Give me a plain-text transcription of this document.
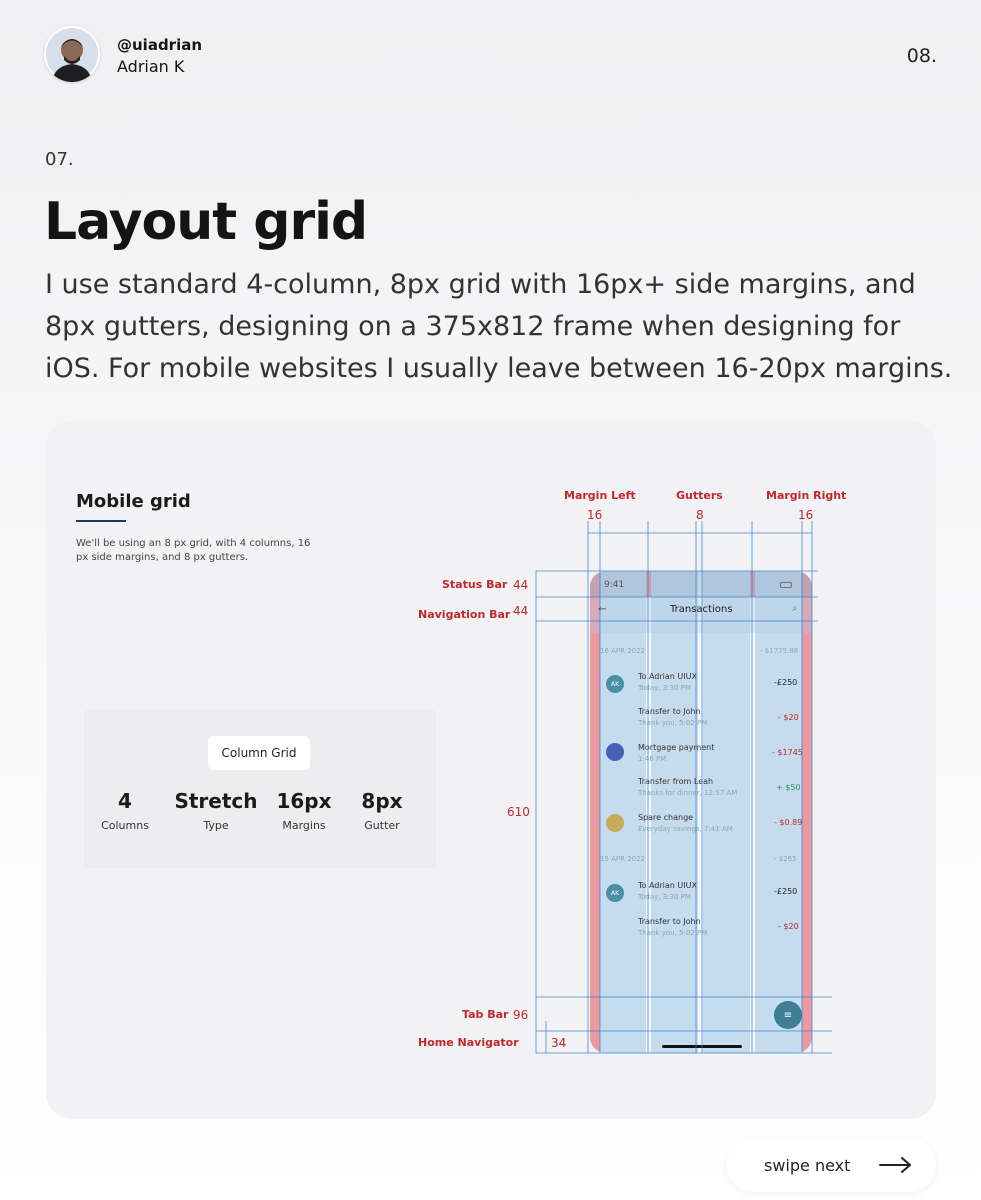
@uiadrian
Adrian K	08.
07.
Layout grid
I use standard 4-column, 8px grid with 16px+ side margins, and 8px gutters, designing on a 375x812 frame when designing for iOS. For mobile websites I usually leave between 16-20px margins.
Mobile grid
We'll be using an 8 px grid, with 4 columns, 16 px side margins, and 8 px gutters.
Column Grid
4
Columns
Stretch
Type
16px
Margins
8px
Gutter
Margin Left
16
Gutters
8
Margin Right
16
Status Bar 44
Navigation Bar 44
610
Tab Bar 96
Home Navigator	34
9:41
←	Transactions	⌕
16 APR 2022	- $1775.88
AK
To Adrian UIUX
Today, 3:30 PM
-£250
Transfer to John
Thank you, 5:02 PM
- $20
Mortgage payment
1:46 PM
- $1745
Transfer from Leah
Thanks for dinner, 12:57 AM
+ $50
Spare change
Everyday savings, 7:41 AM
- $0.89
15 APR 2022	- $265
AK
To Adrian UIUX
Today, 3:30 PM
-£250
Transfer to John
Thank you, 5:02 PM
- $20
≡
swipe next
